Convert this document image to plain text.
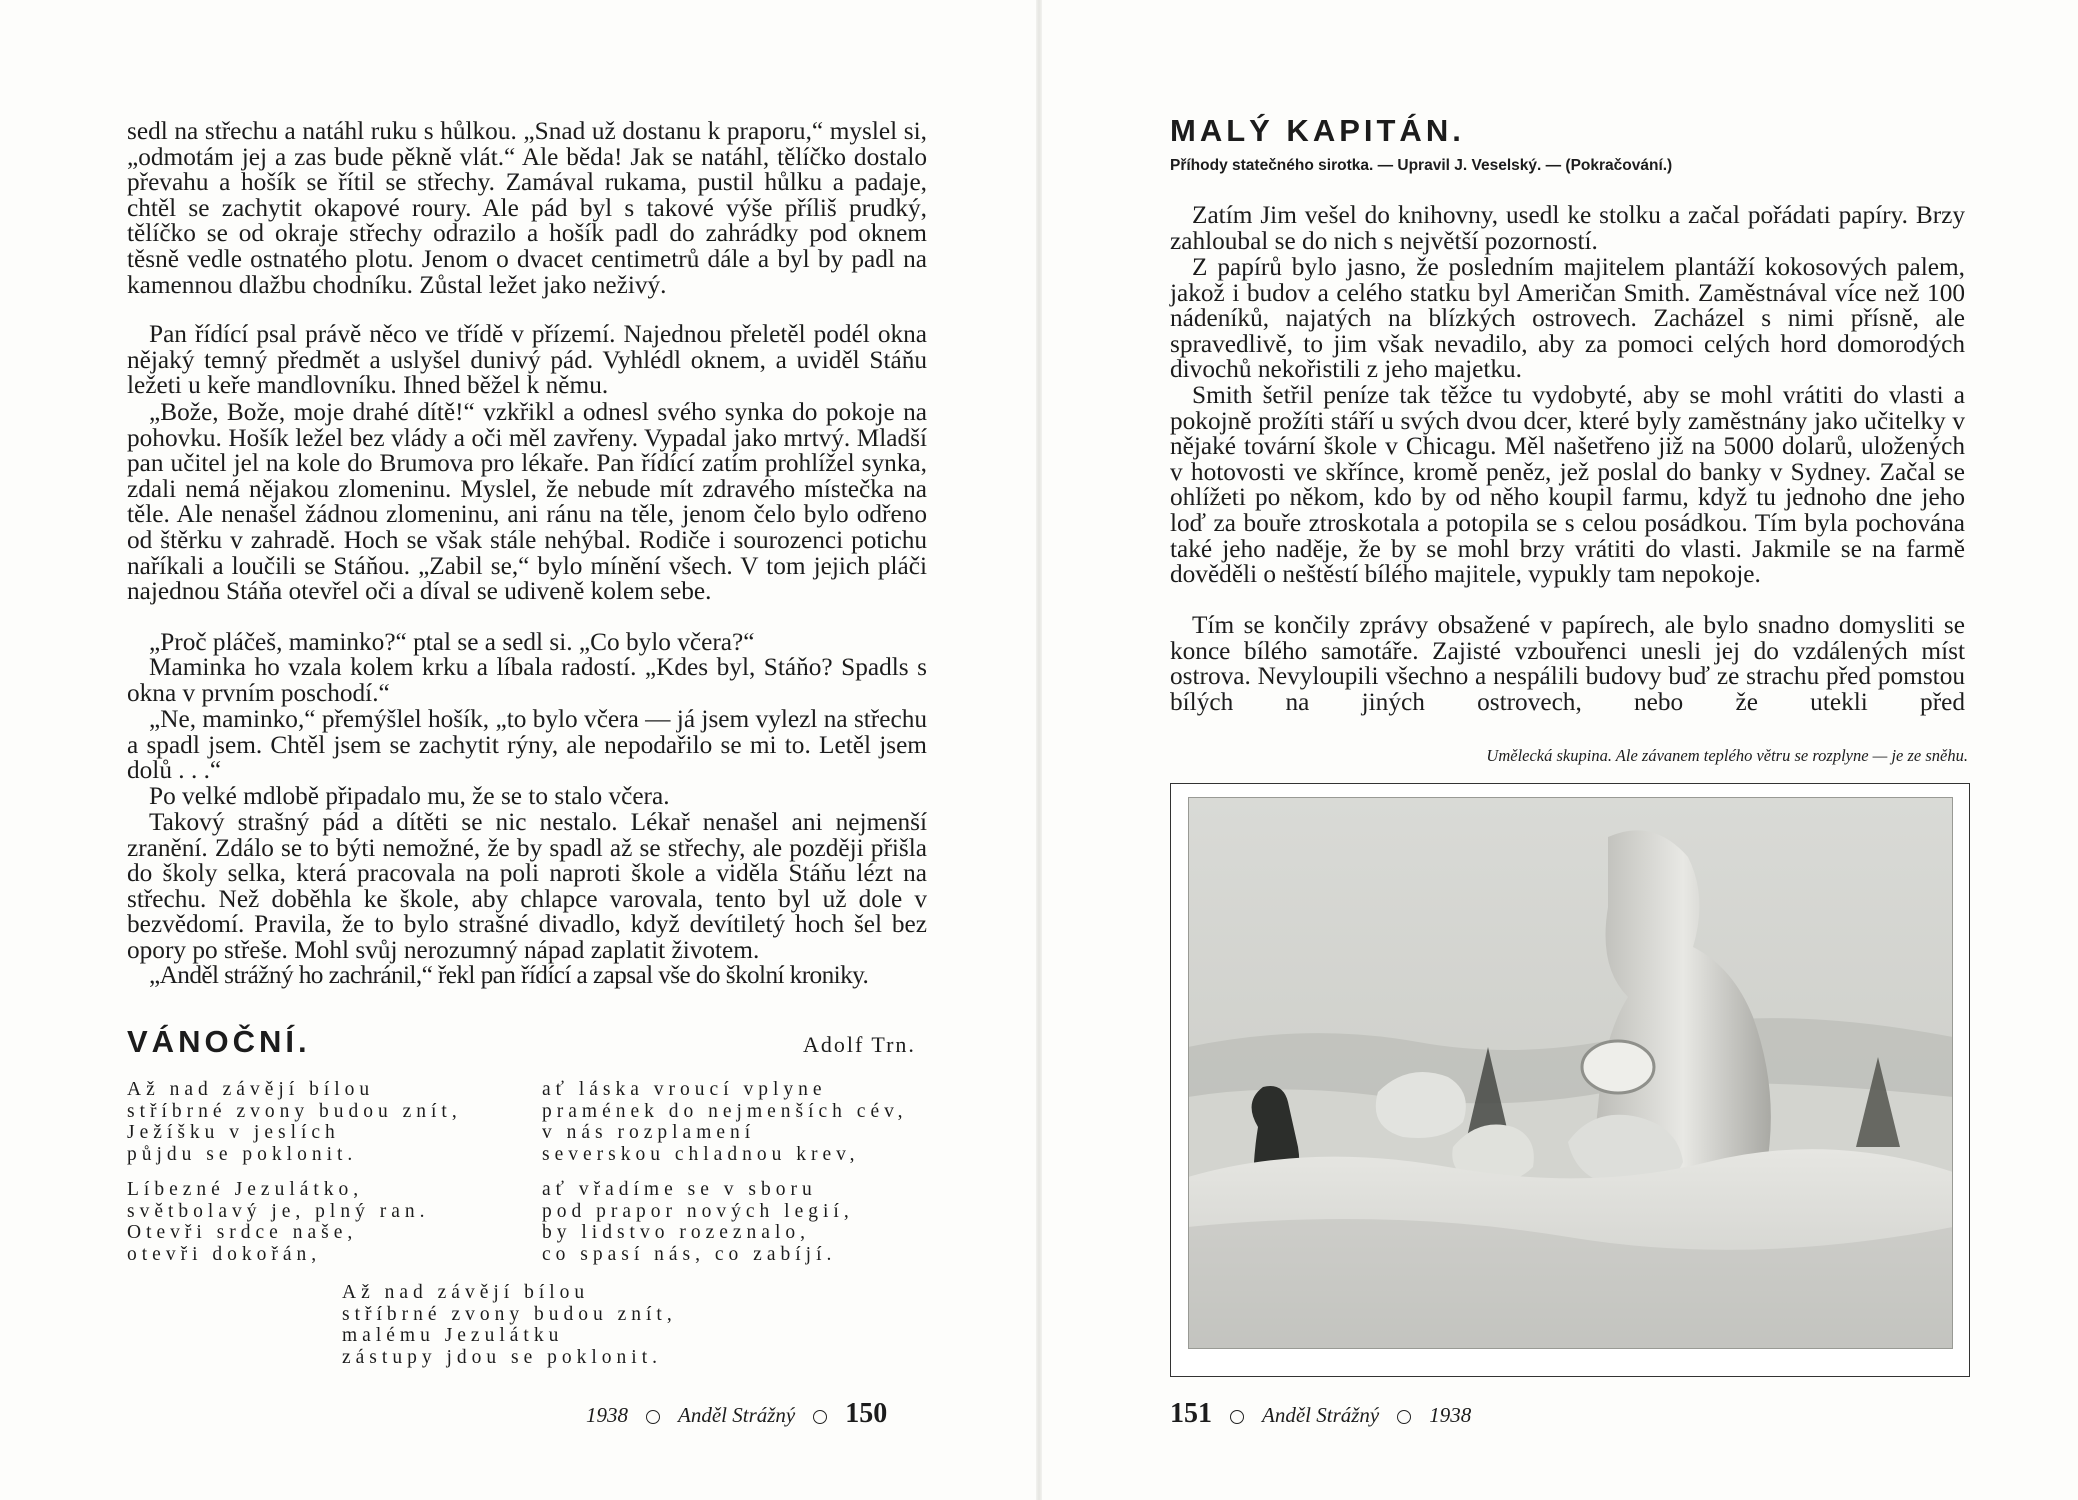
sedl na střechu a natáhl ruku s hůlkou. „Snad už dostanu k praporu,“ myslel si, „odmotám jej a zas bude pěkně vlát.“ Ale běda! Jak se natáhl, tělíčko dostalo převahu a hošík se řítil se střechy. Zamával rukama, pustil hůlku a padaje, chtěl se zachytit okapové roury. Ale pád byl s takové výše příliš prudký, tělíčko se od okraje střechy odrazilo a hošík padl do zahrádky pod oknem těsně vedle ostnatého plotu. Jenom o dvacet centimetrů dále a byl by padl na kamennou dlažbu chodníku. Zůstal ležet jako neživý.

Pan řídící psal právě něco ve třídě v přízemí. Najednou přeletěl podél okna nějaký temný předmět a uslyšel dunivý pád. Vyhlédl oknem, a uviděl Stáňu ležeti u keře mandlovníku. Ihned běžel k němu.

„Bože, Bože, moje drahé dítě!“ vzkřikl a odnesl svého synka do pokoje na pohovku. Hošík ležel bez vlády a oči měl zavřeny. Vypadal jako mrtvý. Mladší pan učitel jel na kole do Brumova pro lékaře. Pan řídící zatím prohlížel synka, zdali nemá nějakou zlomeninu. Myslel, že nebude mít zdravého místečka na těle. Ale nenašel žádnou zlomeninu, ani ránu na těle, jenom čelo bylo odřeno od štěrku v zahradě. Hoch se však stále nehýbal. Rodiče i sourozenci potichu naříkali a loučili se Stáňou. „Zabil se,“ bylo mínění všech. V tom jejich pláči najednou Stáňa otevřel oči a díval se udiveně kolem sebe.

„Proč pláčeš, maminko?“ ptal se a sedl si. „Co bylo včera?“

Maminka ho vzala kolem krku a líbala radostí. „Kdes byl, Stáňo? Spadls s okna v prvním poschodí.“

„Ne, maminko,“ přemýšlel hošík, „to bylo včera — já jsem vylezl na střechu a spadl jsem. Chtěl jsem se zachytit rýny, ale nepodařilo se mi to. Letěl jsem dolů . . .“

Po velké mdlobě připadalo mu, že se to stalo včera.

Takový strašný pád a dítěti se nic nestalo. Lékař nenašel ani nejmenší zranění. Zdálo se to býti nemožné, že by spadl až se střechy, ale později přišla do školy selka, která pracovala na poli naproti škole a viděla Stáňu lézt na střechu. Než doběhla ke škole, aby chlapce varovala, tento byl už dole v bezvědomí. Pravila, že to bylo strašné divadlo, když devítiletý hoch šel bez opory po střeše. Mohl svůj nerozumný nápad zaplatit životem.

„Anděl strážný ho zachránil,“ řekl pan řídící a zapsal vše do školní kroniky.

VÁNOČNÍ.	Adolf Trn.
Až nad závějí bílou
stříbrné zvony budou znít,
Ježíšku v jeslích
půjdu se poklonit.
ať láska vroucí vplyne
pramének do nejmenších cév,
v nás rozplamení
severskou chladnou krev,
Líbezné Jezulátko,
světbolavý je, plný ran.
Otevři srdce naše,
otevři dokořán,
ať vřadíme se v sboru
pod prapor nových legií,
by lidstvo rozeznalo,
co spasí nás, co zabíjí.
Až nad závějí bílou
stříbrné zvony budou znít,
malému Jezulátku
zástupy jdou se poklonit.
1938 Anděl Strážný 150
MALÝ KAPITÁN.
Příhody statečného sirotka. — Upravil J. Veselský. — (Pokračování.)

Zatím Jim vešel do knihovny, usedl ke stolku a začal pořádati papíry. Brzy zahloubal se do nich s největší pozorností.

Z papírů bylo jasno, že posledním majitelem plantáží kokosových palem, jakož i budov a celého statku byl Američan Smith. Zaměstnával více než 100 nádeníků, najatých na blízkých ostrovech. Zacházel s nimi přísně, ale spravedlivě, to jim však nevadilo, aby za pomoci celých hord domorodých divochů nekořistili z jeho majetku.

Smith šetřil peníze tak těžce tu vydobyté, aby se mohl vrátiti do vlasti a pokojně prožíti stáří u svých dvou dcer, které byly zaměstnány jako učitelky v nějaké tovární škole v Chicagu. Měl našetřeno již na 5000 dolarů, uložených v hotovosti ve skřínce, kromě peněz, jež poslal do banky v Sydney. Začal se ohlížeti po někom, kdo by od něho koupil farmu, když tu jednoho dne jeho loď za bouře ztroskotala a potopila se s celou posádkou. Tím byla pochována také jeho naděje, že by se mohl brzy vrátiti do vlasti. Jakmile se na farmě dověděli o neštěstí bílého majitele, vypukly tam nepokoje.

Tím se končily zprávy obsažené v papírech, ale bylo snadno domysliti se konce bílého samotáře. Zajisté vzbouřenci unesli jej do vzdálených míst ostrova. Nevyloupili všechno a nespálili budovy buď ze strachu před pomstou bílých na jiných ostrovech, nebo že utekli před

Umělecká skupina. Ale závanem teplého větru se rozplyne — je ze sněhu.
151 Anděl Strážný 1938
